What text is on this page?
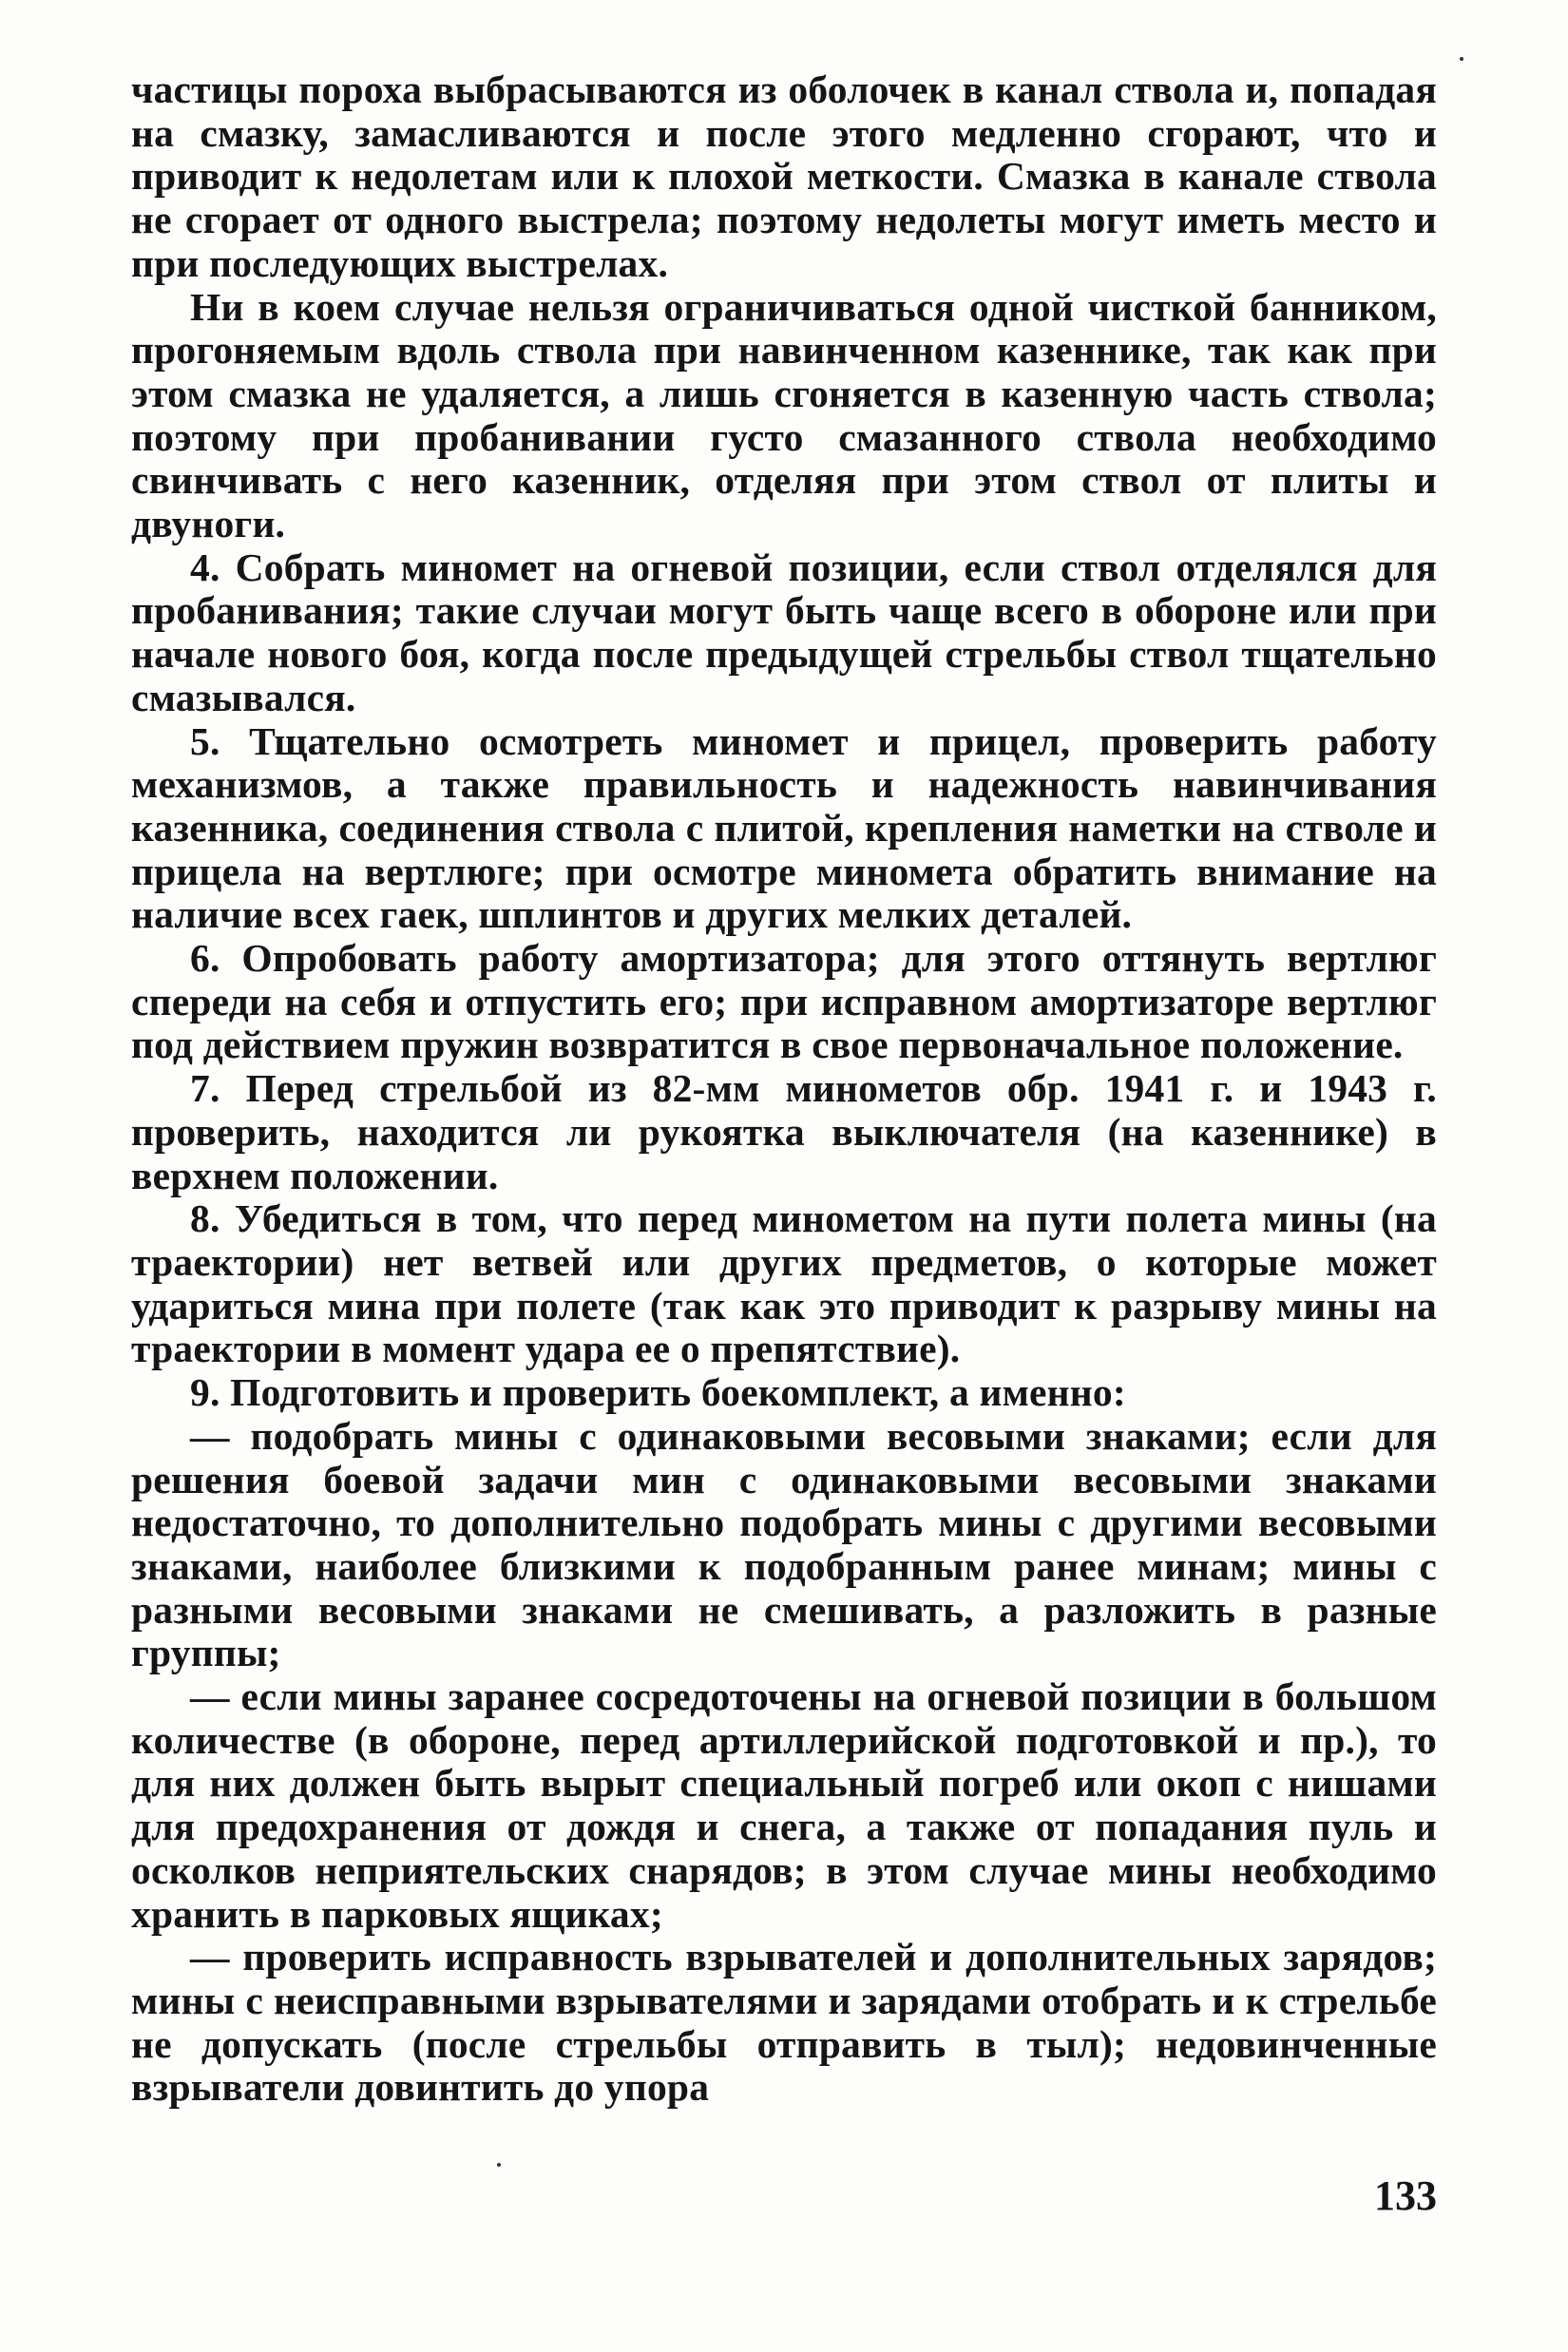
частицы пороха выбрасываются из оболочек в канал ствола и, попадая на смазку, замасливаются и после этого медленно сгорают, что и приводит к недолетам или к плохой меткости. Смазка в канале ствола не сгорает от одного выстрела; поэтому недолеты могут иметь место и при последующих выстрелах.

Ни в коем случае нельзя ограничиваться одной чисткой банником, прогоняемым вдоль ствола при навинченном казеннике, так как при этом смазка не удаляется, а лишь сгоняется в казенную часть ствола; поэтому при пробанивании густо смазанного ствола необходимо свинчивать с него казенник, отделяя при этом ствол от плиты и двуноги.

4. Собрать миномет на огневой позиции, если ствол отделялся для пробанивания; такие случаи могут быть чаще всего в обороне или при начале нового боя, когда после предыдущей стрельбы ствол тщательно смазывался.

5. Тщательно осмотреть миномет и прицел, проверить работу механизмов, а также правильность и надежность навинчивания казенника, соединения ствола с плитой, крепления наметки на стволе и прицела на вертлюге; при осмотре миномета обратить внимание на наличие всех гаек, шплинтов и других мелких деталей.

6. Опробовать работу амортизатора; для этого оттянуть вертлюг спереди на себя и отпустить его; при исправном амортизаторе вертлюг под действием пружин возвратится в свое первоначальное положение.

7. Перед стрельбой из 82-мм минометов обр. 1941 г. и 1943 г. проверить, находится ли рукоятка выключателя (на казеннике) в верхнем положении.

8. Убедиться в том, что перед минометом на пути полета мины (на траектории) нет ветвей или других предметов, о которые может удариться мина при полете (так как это приводит к разрыву мины на траектории в момент удара ее о препятствие).

9. Подготовить и проверить боекомплект, а именно:

— подобрать мины с одинаковыми весовыми знаками; если для решения боевой задачи мин с одинаковыми весовыми знаками недостаточно, то дополнительно подобрать мины с другими весовыми знаками, наиболее близкими к подобранным ранее минам; мины с разными весовыми знаками не смешивать, а разложить в разные группы;

— если мины заранее сосредоточены на огневой позиции в большом количестве (в обороне, перед артиллерийской подготовкой и пр.), то для них должен быть вырыт специальный погреб или окоп с нишами для предохранения от дождя и снега, а также от попадания пуль и осколков неприятельских снарядов; в этом случае мины необходимо хранить в парковых ящиках;

— проверить исправность взрывателей и дополнительных зарядов; мины с неисправными взрывателями и зарядами отобрать и к стрельбе не допускать (после стрельбы отправить в тыл); недовинченные взрыватели довинтить до упора

133
